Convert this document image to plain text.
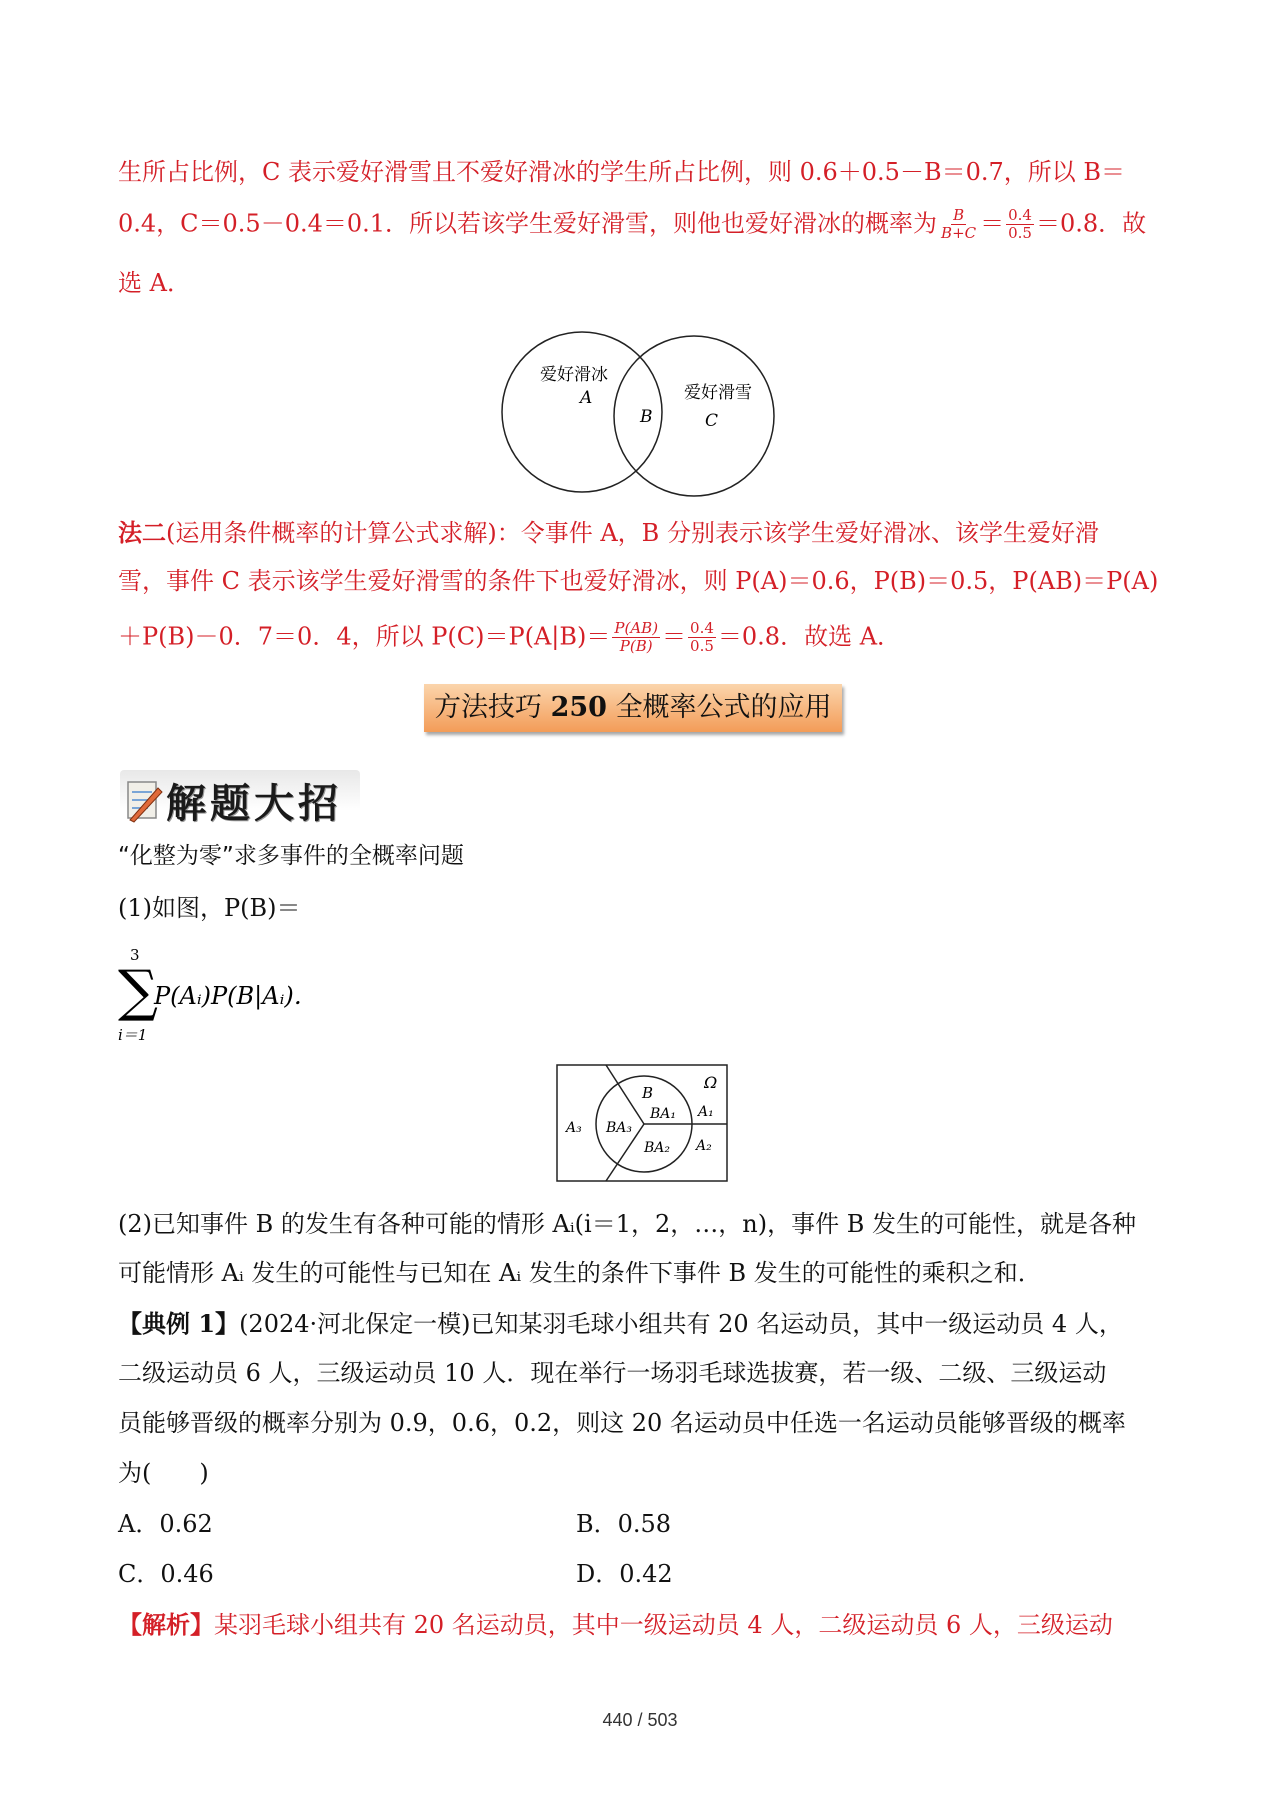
生所占比例，C 表示爱好滑雪且不爱好滑冰的学生所占比例，则 0.6＋0.5－B＝0.7，所以 B＝
0.4，C＝0.5－0.4＝0.1．所以若该学生爱好滑雪，则他也爱好滑冰的概率为 $\frac{B}{B+C} = \frac{0.4}{0.5} =0.8$．故
选 A．
爱好滑冰
A
B
爱好滑雪
C
法二(运用条件概率的计算公式求解)：令事件 A，B 分别表示该学生爱好滑冰、该学生爱好滑
雪，事件 C 表示该学生爱好滑雪的条件下也爱好滑冰，则 P(A)＝0.6，P(B)＝0.5，P(AB)＝P(A)
＋P(B)－0．7＝0．4，所以 $P(C)=P(A|B)= \frac{P(AB)}{P(B)} = \frac{0.4}{0.5} =0.8$．故选 A．
方法技巧 250 全概率公式的应用
解题大招
“化整为零”求多事件的全概率问题
(1)如图，P(B)＝
3
∑
i＝1
P(Aᵢ)P(B|Aᵢ)．
Ω
B
BA₁ A₁
A₃ BA₃
BA₂ A₂
(2)已知事件 B 的发生有各种可能的情形 Aᵢ(i＝1，2，…，n)，事件 B 发生的可能性，就是各种
可能情形 Aᵢ 发生的可能性与已知在 Aᵢ 发生的条件下事件 B 发生的可能性的乘积之和．
【典例 1】(2024·河北保定一模)已知某羽毛球小组共有 20 名运动员，其中一级运动员 4 人，
二级运动员 6 人，三级运动员 10 人．现在举行一场羽毛球选拔赛，若一级、二级、三级运动
员能够晋级的概率分别为 0.9，0.6，0.2，则这 20 名运动员中任选一名运动员能够晋级的概率
为(　　)
A．0.62	B．0.58
C．0.46	D．0.42
【解析】某羽毛球小组共有 20 名运动员，其中一级运动员 4 人，二级运动员 6 人，三级运动
440 / 503
